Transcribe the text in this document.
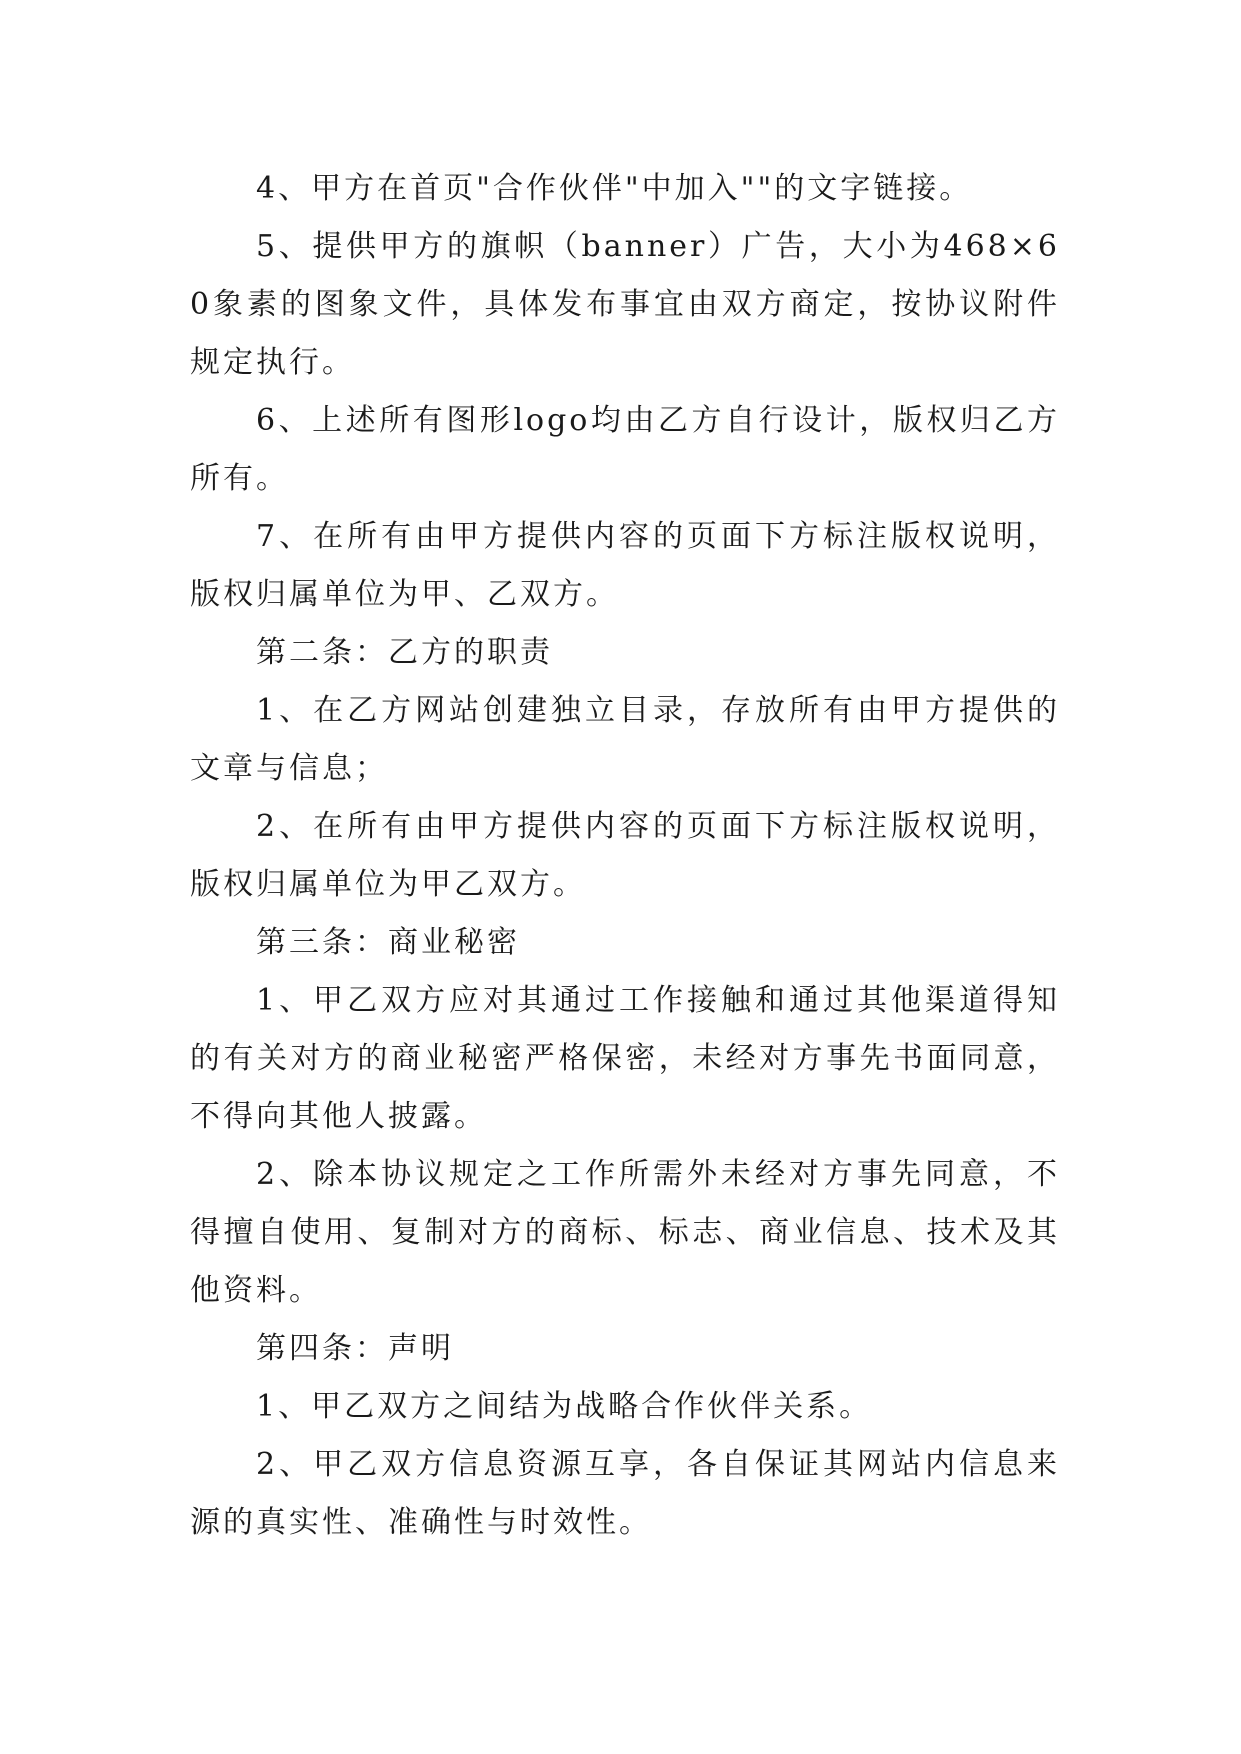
4、甲方在首页"合作伙伴"中加入""的文字链接。

5、提供甲方的旗帜（banner）广告，大小为468×60象素的图象文件，具体发布事宜由双方商定，按协议附件规定执行。

6、上述所有图形logo均由乙方自行设计，版权归乙方所有。

7、在所有由甲方提供内容的页面下方标注版权说明，版权归属单位为甲、乙双方。

第二条：乙方的职责

1、在乙方网站创建独立目录，存放所有由甲方提供的文章与信息；

2、在所有由甲方提供内容的页面下方标注版权说明，版权归属单位为甲乙双方。

第三条：商业秘密

1、甲乙双方应对其通过工作接触和通过其他渠道得知的有关对方的商业秘密严格保密，未经对方事先书面同意，不得向其他人披露。

2、除本协议规定之工作所需外未经对方事先同意，不得擅自使用、复制对方的商标、标志、商业信息、技术及其他资料。

第四条：声明

1、甲乙双方之间结为战略合作伙伴关系。

2、甲乙双方信息资源互享，各自保证其网站内信息来源的真实性、准确性与时效性。
